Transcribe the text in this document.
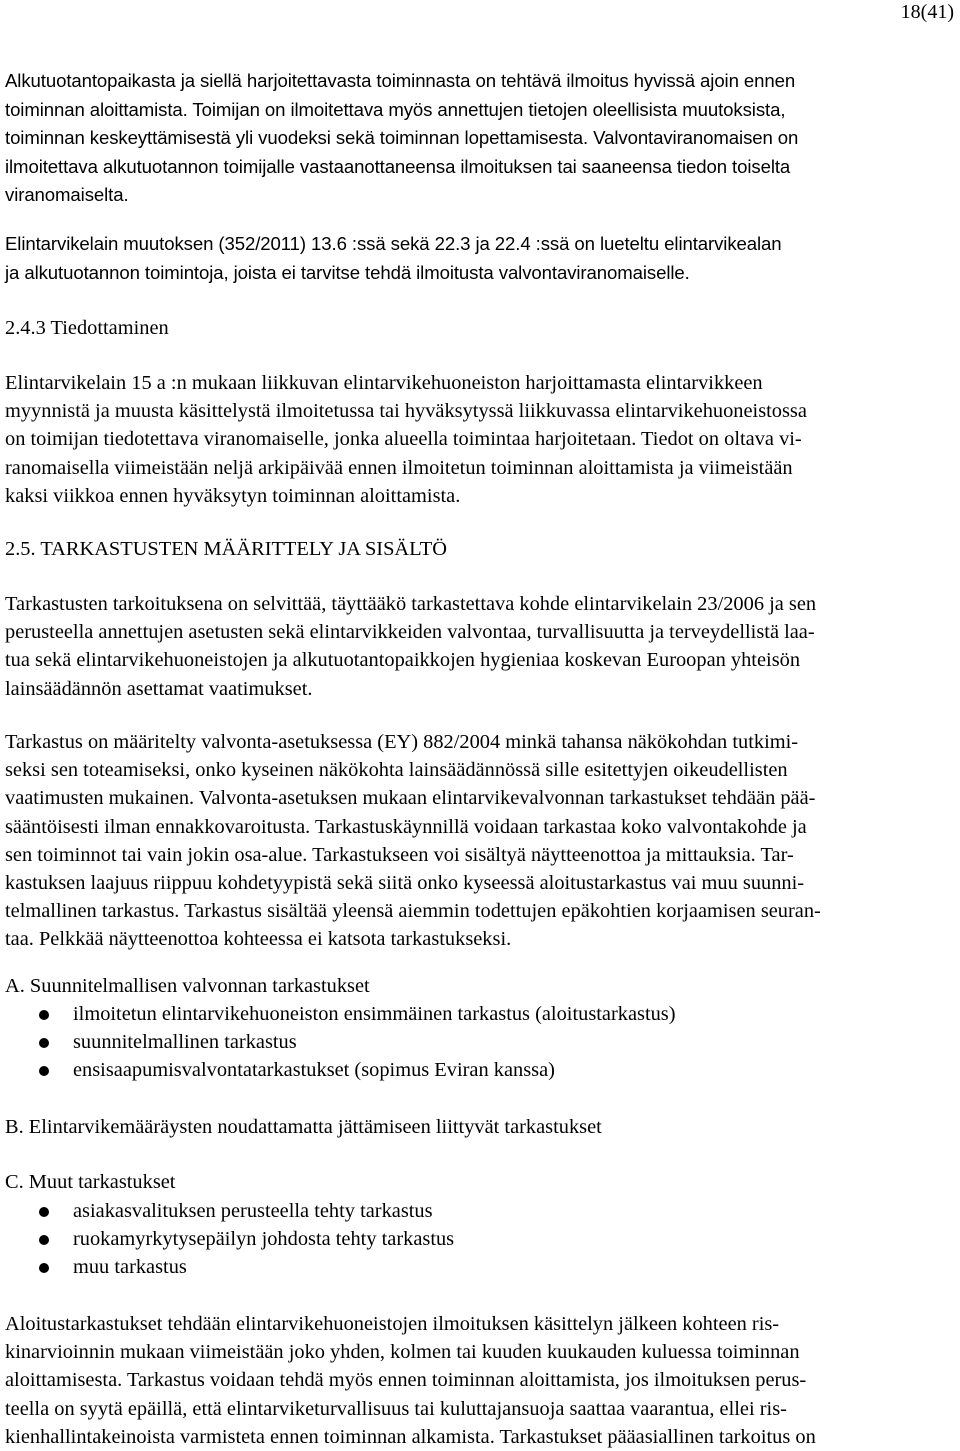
18(41)

Alkutuotantopaikasta ja siellä harjoitettavasta toiminnasta on tehtävä ilmoitus hyvissä ajoin ennen
toiminnan aloittamista. Toimijan on ilmoitettava myös annettujen tietojen oleellisista muutoksista,
toiminnan keskeyttämisestä yli vuodeksi sekä toiminnan lopettamisesta. Valvontaviranomaisen on
ilmoitettava alkutuotannon toimijalle vastaanottaneensa ilmoituksen tai saaneensa tiedon toiselta
viranomaiselta.

Elintarvikelain muutoksen (352/2011) 13.6 :ssä sekä 22.3 ja 22.4 :ssä on lueteltu elintarvikealan
ja alkutuotannon toimintoja, joista ei tarvitse tehdä ilmoitusta valvontaviranomaiselle.

2.4.3 Tiedottaminen

Elintarvikelain 15 a :n mukaan liikkuvan elintarvikehuoneiston harjoittamasta elintarvikkeen
myynnistä ja muusta käsittelystä ilmoitetussa tai hyväksytyssä liikkuvassa elintarvikehuoneistossa
on toimijan tiedotettava viranomaiselle, jonka alueella toimintaa harjoitetaan. Tiedot on oltava vi-
ranomaisella viimeistään neljä arkipäivää ennen ilmoitetun toiminnan aloittamista ja viimeistään
kaksi viikkoa ennen hyväksytyn toiminnan aloittamista.

2.5. TARKASTUSTEN MÄÄRITTELY JA SISÄLTÖ

Tarkastusten tarkoituksena on selvittää, täyttääkö tarkastettava kohde elintarvikelain 23/2006 ja sen
perusteella annettujen asetusten sekä elintarvikkeiden valvontaa, turvallisuutta ja terveydellistä laa-
tua sekä elintarvikehuoneistojen ja alkutuotantopaikkojen hygieniaa koskevan Euroopan yhteisön
lainsäädännön asettamat vaatimukset.

Tarkastus on määritelty valvonta-asetuksessa (EY) 882/2004 minkä tahansa näkökohdan tutkimi-
seksi sen toteamiseksi, onko kyseinen näkökohta lainsäädännössä sille esitettyjen oikeudellisten
vaatimusten mukainen. Valvonta-asetuksen mukaan elintarvikevalvonnan tarkastukset tehdään pää-
sääntöisesti ilman ennakkovaroitusta. Tarkastuskäynnillä voidaan tarkastaa koko valvontakohde ja
sen toiminnot tai vain jokin osa-alue. Tarkastukseen voi sisältyä näytteenottoa ja mittauksia. Tar-
kastuksen laajuus riippuu kohdetyypistä sekä siitä onko kyseessä aloitustarkastus vai muu suunni-
telmallinen tarkastus. Tarkastus sisältää yleensä aiemmin todettujen epäkohtien korjaamisen seuran-
taa. Pelkkää näytteenottoa kohteessa ei katsota tarkastukseksi.

A. Suunnitelmallisen valvonnan tarkastukset

ilmoitetun elintarvikehuoneiston ensimmäinen tarkastus (aloitustarkastus)
suunnitelmallinen tarkastus
ensisaapumisvalvontatarkastukset (sopimus Eviran kanssa)

B. Elintarvikemääräysten noudattamatta jättämiseen liittyvät tarkastukset

C. Muut tarkastukset

asiakasvalituksen perusteella tehty tarkastus
ruokamyrkytysepäilyn johdosta tehty tarkastus
muu tarkastus

Aloitustarkastukset tehdään elintarvikehuoneistojen ilmoituksen käsittelyn jälkeen kohteen ris-
kinarvioinnin mukaan viimeistään joko yhden, kolmen tai kuuden kuukauden kuluessa toiminnan
aloittamisesta. Tarkastus voidaan tehdä myös ennen toiminnan aloittamista, jos ilmoituksen perus-
teella on syytä epäillä, että elintarviketurvallisuus tai kuluttajansuoja saattaa vaarantua, ellei ris-
kienhallintakeinoista varmisteta ennen toiminnan alkamista. Tarkastukset pääasiallinen tarkoitus on
